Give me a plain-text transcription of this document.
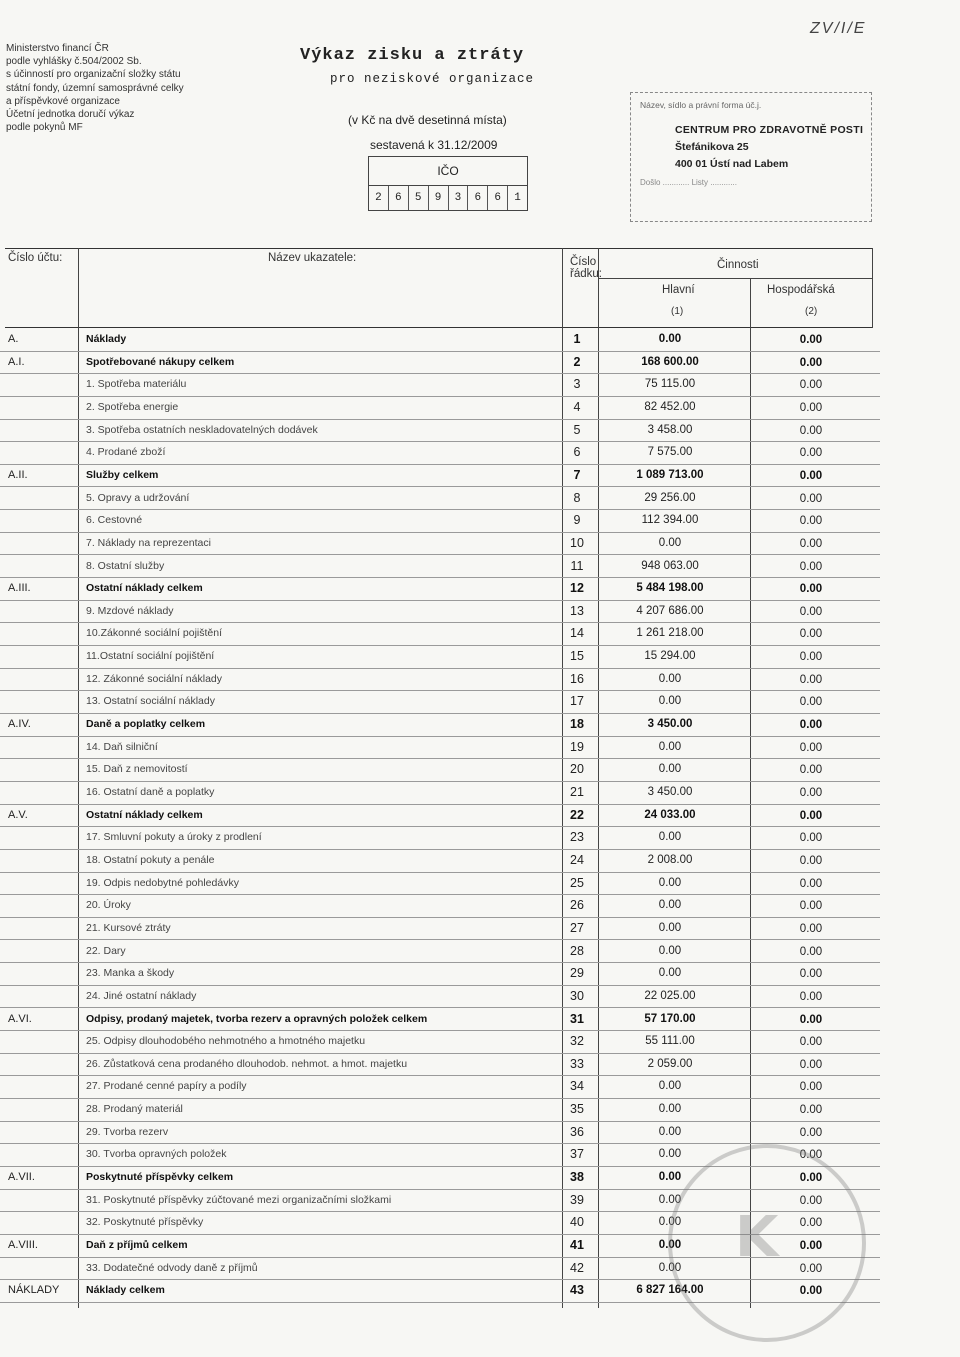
Ministerstvo financí ČR
podle vyhlášky č.504/2002 Sb.
s účinností pro organizační složky státu
státní fondy, územní samosprávné celky
a příspěvkové organizace
Účetní jednotka doručí výkaz
podle pokynů MF
Výkaz zisku a ztráty
pro neziskové organizace
(v Kč na dvě desetinná místa)
sestavená k 31.12/2009
IČO
2	6	5	9	3	6	6	1
ZV/I/E
Název, sídlo a právní forma úč.j.
CENTRUM PRO ZDRAVOTNĚ POSTI
Štefánikova 25
400 01 Ústí nad Labem
Došlo ............ Listy ............
Číslo účtu:	Název ukazatele:	Číslo řádku:
Činnosti
Hlavní	Hospodářská
(1)	(2)
A.	Náklady	1	0.00	0.00
A.I.	Spotřebované nákupy celkem	2	168 600.00	0.00
1. Spotřeba materiálu	3	75 115.00	0.00
2. Spotřeba energie	4	82 452.00	0.00
3. Spotřeba ostatních neskladovatelných dodávek	5	3 458.00	0.00
4. Prodané zboží	6	7 575.00	0.00
A.II.	Služby celkem	7	1 089 713.00	0.00
5. Opravy a udržování	8	29 256.00	0.00
6. Cestovné	9	112 394.00	0.00
7. Náklady na reprezentaci	10	0.00	0.00
8. Ostatní služby	11	948 063.00	0.00
A.III.	Ostatní náklady celkem	12	5 484 198.00	0.00
9. Mzdové náklady	13	4 207 686.00	0.00
10.Zákonné sociální pojištění	14	1 261 218.00	0.00
11.Ostatní sociální pojištění	15	15 294.00	0.00
12. Zákonné sociální náklady	16	0.00	0.00
13. Ostatní sociální náklady	17	0.00	0.00
A.IV.	Daně a poplatky celkem	18	3 450.00	0.00
14. Daň silniční	19	0.00	0.00
15. Daň z nemovitostí	20	0.00	0.00
16. Ostatní daně a poplatky	21	3 450.00	0.00
A.V.	Ostatní náklady celkem	22	24 033.00	0.00
17. Smluvní pokuty a úroky z prodlení	23	0.00	0.00
18. Ostatní pokuty a penále	24	2 008.00	0.00
19. Odpis nedobytné pohledávky	25	0.00	0.00
20. Úroky	26	0.00	0.00
21. Kursové ztráty	27	0.00	0.00
22. Dary	28	0.00	0.00
23. Manka a škody	29	0.00	0.00
24. Jiné ostatní náklady	30	22 025.00	0.00
A.VI.	Odpisy, prodaný majetek, tvorba rezerv a opravných položek celkem	31	57 170.00	0.00
25. Odpisy dlouhodobého nehmotného a hmotného majetku	32	55 111.00	0.00
26. Zůstatková cena prodaného dlouhodob. nehmot. a hmot. majetku	33	2 059.00	0.00
27. Prodané cenné papíry a podíly	34	0.00	0.00
28. Prodaný materiál	35	0.00	0.00
29. Tvorba rezerv	36	0.00	0.00
30. Tvorba opravných položek	37	0.00	0.00
A.VII.	Poskytnuté příspěvky celkem	38	0.00	0.00
31. Poskytnuté příspěvky zúčtované mezi organizačními složkami	39	0.00	0.00
32. Poskytnuté příspěvky	40	0.00	0.00
A.VIII.	Daň z příjmů celkem	41	0.00	0.00
33. Dodatečné odvody daně z příjmů	42	0.00	0.00
NÁKLADY	Náklady celkem	43	6 827 164.00	0.00
K
